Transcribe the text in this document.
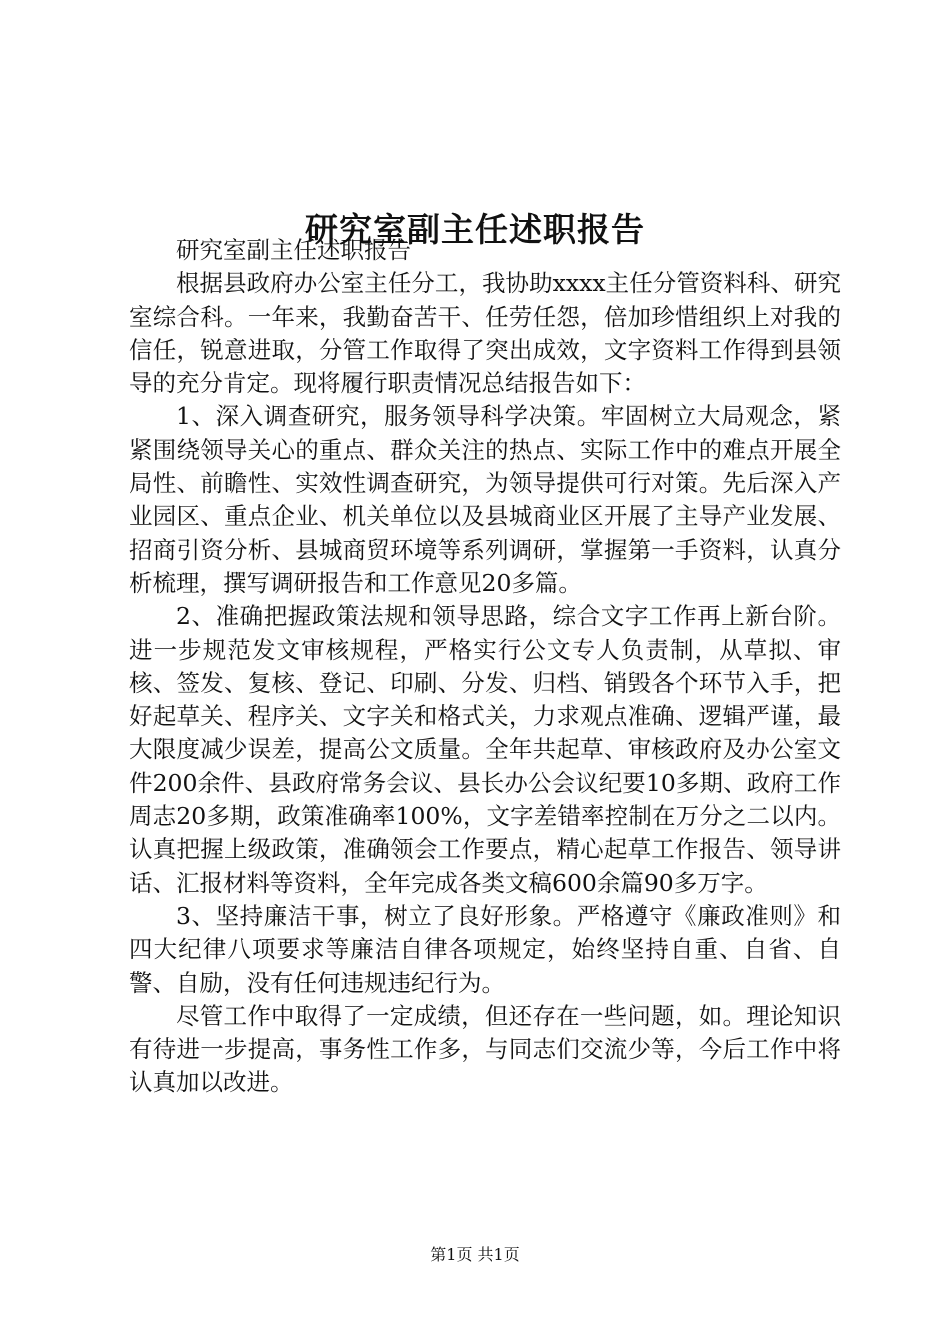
研究室副主任述职报告

研究室副主任述职报告

根据县政府办公室主任分工，我协助xxxx主任分管资料科、研究室综合科。一年来，我勤奋苦干、任劳任怨，倍加珍惜组织上对我的信任，锐意进取，分管工作取得了突出成效，文字资料工作得到县领导的充分肯定。现将履行职责情况总结报告如下：

1、深入调查研究，服务领导科学决策。牢固树立大局观念，紧紧围绕领导关心的重点、群众关注的热点、实际工作中的难点开展全局性、前瞻性、实效性调查研究，为领导提供可行对策。先后深入产业园区、重点企业、机关单位以及县城商业区开展了主导产业发展、招商引资分析、县城商贸环境等系列调研，掌握第一手资料，认真分析梳理，撰写调研报告和工作意见20多篇。

2、准确把握政策法规和领导思路，综合文字工作再上新台阶。进一步规范发文审核规程，严格实行公文专人负责制，从草拟、审核、签发、复核、登记、印刷、分发、归档、销毁各个环节入手，把好起草关、程序关、文字关和格式关，力求观点准确、逻辑严谨，最大限度减少误差，提高公文质量。全年共起草、审核政府及办公室文件200余件、县政府常务会议、县长办公会议纪要10多期、政府工作周志20多期，政策准确率100%，文字差错率控制在万分之二以内。认真把握上级政策，准确领会工作要点，精心起草工作报告、领导讲话、汇报材料等资料，全年完成各类文稿600余篇90多万字。

3、坚持廉洁干事，树立了良好形象。严格遵守《廉政准则》和四大纪律八项要求等廉洁自律各项规定，始终坚持自重、自省、自警、自励，没有任何违规违纪行为。

尽管工作中取得了一定成绩，但还存在一些问题，如。理论知识有待进一步提高，事务性工作多，与同志们交流少等，今后工作中将认真加以改进。

第1页 共1页
